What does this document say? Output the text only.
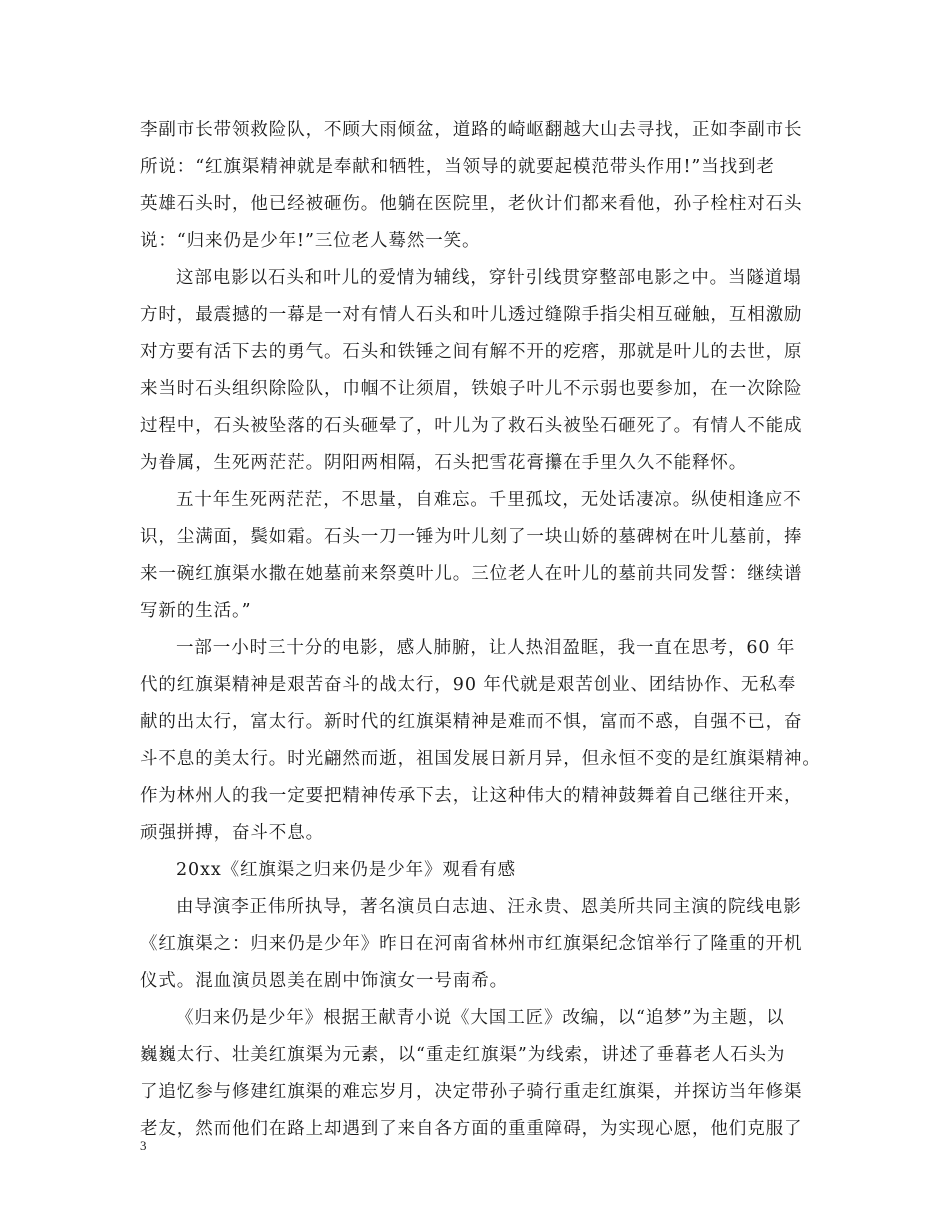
李副市长带领救险队，不顾大雨倾盆，道路的崎岖翻越大山去寻找，正如李副市长
所说：“红旗渠精神就是奉献和牺牲，当领导的就要起模范带头作用!”当找到老
英雄石头时，他已经被砸伤。他躺在医院里，老伙计们都来看他，孙子栓柱对石头
说：“归来仍是少年!”三位老人蓦然一笑。
这部电影以石头和叶儿的爱情为辅线，穿针引线贯穿整部电影之中。当隧道塌
方时，最震撼的一幕是一对有情人石头和叶儿透过缝隙手指尖相互碰触，互相激励
对方要有活下去的勇气。石头和铁锤之间有解不开的疙瘩，那就是叶儿的去世，原
来当时石头组织除险队，巾帼不让须眉，铁娘子叶儿不示弱也要参加，在一次除险
过程中，石头被坠落的石头砸晕了，叶儿为了救石头被坠石砸死了。有情人不能成
为眷属，生死两茫茫。阴阳两相隔，石头把雪花膏攥在手里久久不能释怀。
五十年生死两茫茫，不思量，自难忘。千里孤坟，无处话凄凉。纵使相逢应不
识，尘满面，鬓如霜。石头一刀一锤为叶儿刻了一块山娇的墓碑树在叶儿墓前，捧
来一碗红旗渠水撒在她墓前来祭奠叶儿。三位老人在叶儿的墓前共同发誓：继续谱
写新的生活。”
一部一小时三十分的电影，感人肺腑，让人热泪盈眶，我一直在思考，60 年
代的红旗渠精神是艰苦奋斗的战太行，90 年代就是艰苦创业、团结协作、无私奉
献的出太行，富太行。新时代的红旗渠精神是难而不惧，富而不惑，自强不已，奋
斗不息的美太行。时光翩然而逝，祖国发展日新月异，但永恒不变的是红旗渠精神。
作为林州人的我一定要把精神传承下去，让这种伟大的精神鼓舞着自己继往开来，
顽强拼搏，奋斗不息。
20xx《红旗渠之归来仍是少年》观看有感
由导演李正伟所执导，著名演员白志迪、汪永贵、恩美所共同主演的院线电影
《红旗渠之：归来仍是少年》昨日在河南省林州市红旗渠纪念馆举行了隆重的开机
仪式。混血演员恩美在剧中饰演女一号南希。
《归来仍是少年》根据王献青小说《大国工匠》改编，以“追梦”为主题，以
巍巍太行、壮美红旗渠为元素，以“重走红旗渠”为线索，讲述了垂暮老人石头为
了追忆参与修建红旗渠的难忘岁月，决定带孙子骑行重走红旗渠，并探访当年修渠
老友，然而他们在路上却遇到了来自各方面的重重障碍，为实现心愿，他们克服了
3
